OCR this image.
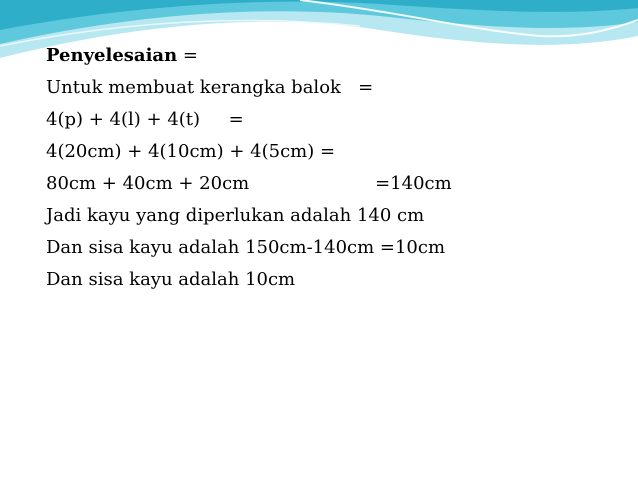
Penyelesaian =
Untuk membuat kerangka balok   =
4(p) + 4(l) + 4(t)     =
4(20cm) + 4(10cm) + 4(5cm) =
80cm + 40cm + 20cm                      =140cm
Jadi kayu yang diperlukan adalah 140 cm
Dan sisa kayu adalah 150cm-140cm =10cm
Dan sisa kayu adalah 10cm
